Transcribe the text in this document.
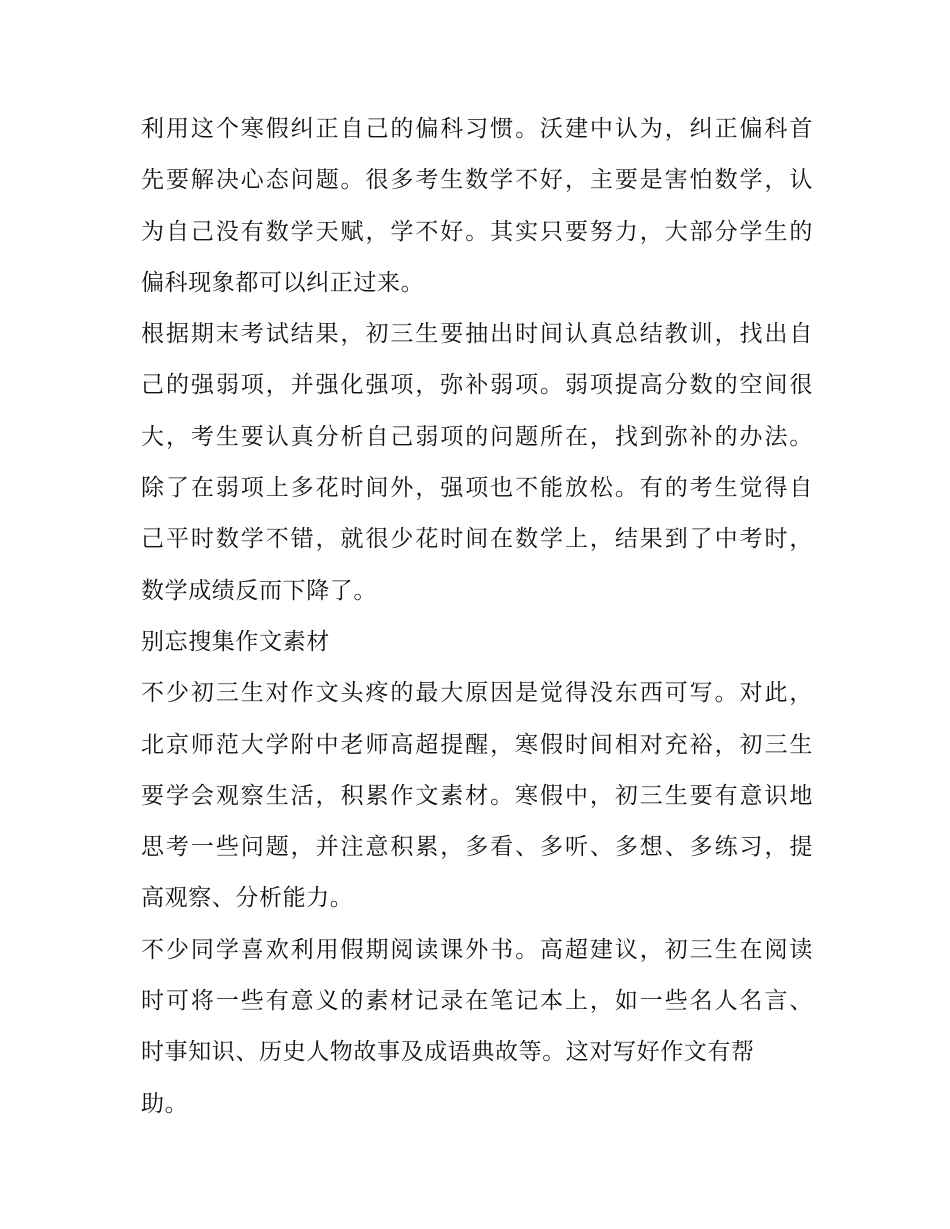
利用这个寒假纠正自己的偏科习惯。沃建中认为，纠正偏科首
先要解决心态问题。很多考生数学不好，主要是害怕数学，认
为自己没有数学天赋，学不好。其实只要努力，大部分学生的
偏科现象都可以纠正过来。

根据期末考试结果，初三生要抽出时间认真总结教训，找出自
己的强弱项，并强化强项，弥补弱项。弱项提高分数的空间很
大，考生要认真分析自己弱项的问题所在，找到弥补的办法。
除了在弱项上多花时间外，强项也不能放松。有的考生觉得自
己平时数学不错，就很少花时间在数学上，结果到了中考时，
数学成绩反而下降了。

别忘搜集作文素材

不少初三生对作文头疼的最大原因是觉得没东西可写。对此，
北京师范大学附中老师高超提醒，寒假时间相对充裕，初三生
要学会观察生活，积累作文素材。寒假中，初三生要有意识地
思考一些问题，并注意积累，多看、多听、多想、多练习，提
高观察、分析能力。

不少同学喜欢利用假期阅读课外书。高超建议，初三生在阅读
时可将一些有意义的素材记录在笔记本上，如一些名人名言、
时事知识、历史人物故事及成语典故等。这对写好作文有帮
助。
